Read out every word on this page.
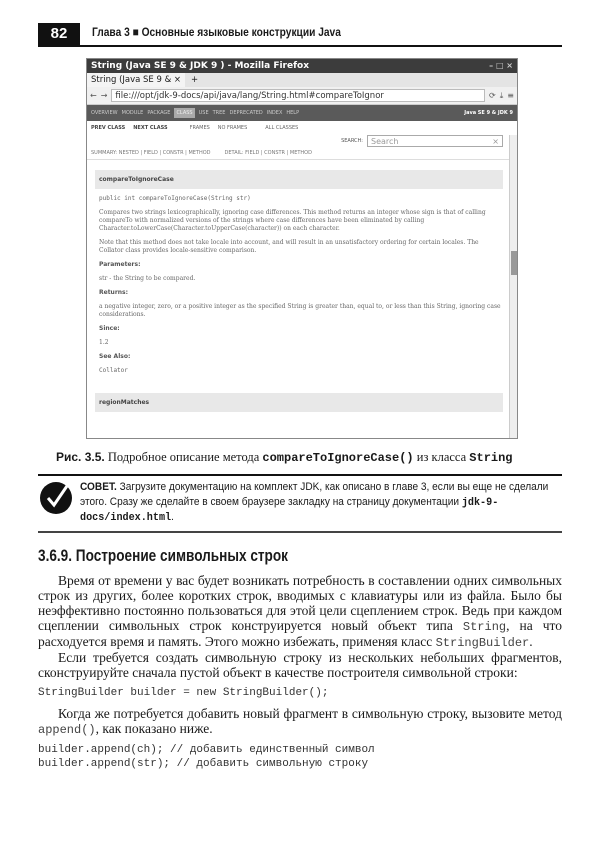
82	Глава 3 ■ Основные языковые конструкции Java
String (Java SE 9 & JDK 9 ) - Mozilla Firefox	– □ ×
String (Java SE 9 & ×	+
← → file:///opt/jdk-9-docs/api/java/lang/String.html#compareToIgnor	⟳ ⤓ ≡
OVERVIEW MODULE PACKAGE	CLASS	USE TREE DEPRECATED INDEX HELP	Java SE 9 & JDK 9
PREV CLASS NEXT CLASS	FRAMES NO FRAMES	ALL CLASSES
SEARCH: Search	×
SUMMARY: NESTED | FIELD | CONSTR | METHOD	DETAIL: FIELD | CONSTR | METHOD
compareToIgnoreCase

public int compareToIgnoreCase(String str)

Compares two strings lexicographically, ignoring case differences. This method returns an integer whose sign is that of calling compareTo with normalized versions of the strings where case differences have been eliminated by calling Character.toLowerCase(Character.toUpperCase(character)) on each character.

Note that this method does not take locale into account, and will result in an unsatisfactory ordering for certain locales. The Collator class provides locale-sensitive comparison.

Parameters:

str - the String to be compared.

Returns:

a negative integer, zero, or a positive integer as the specified String is greater than, equal to, or less than this String, ignoring case considerations.

Since:

1.2

See Also:

Collator

regionMatches
Рис. 3.5. Подробное описание метода compareToIgnoreCase() из класса String
СОВЕТ. Загрузите документацию на комплект JDK, как описано в главе 3, если вы еще не сделали этого. Сразу же сделайте в своем браузере закладку на страницу документации jdk-9-docs/index.html.
3.6.9. Построение символьных строк
Время от времени у вас будет возникать потребность в составлении одних символьных строк из других, более коротких строк, вводимых с клавиатуры или из файла. Было бы неэффективно постоянно пользоваться для этой цели сцеплением строк. Ведь при каждом сцеплении символьных строк конструируется новый объект типа String, на что расходуется время и память. Этого можно избежать, применяя класс StringBuilder.
Если требуется создать символьную строку из нескольких небольших фрагментов, сконструируйте сначала пустой объект в качестве построителя символьной строки:
StringBuilder builder = new StringBuilder();
Когда же потребуется добавить новый фрагмент в символьную строку, вызовите метод append(), как показано ниже.
builder.append(ch); // добавить единственный символ
builder.append(str); // добавить символьную строку
